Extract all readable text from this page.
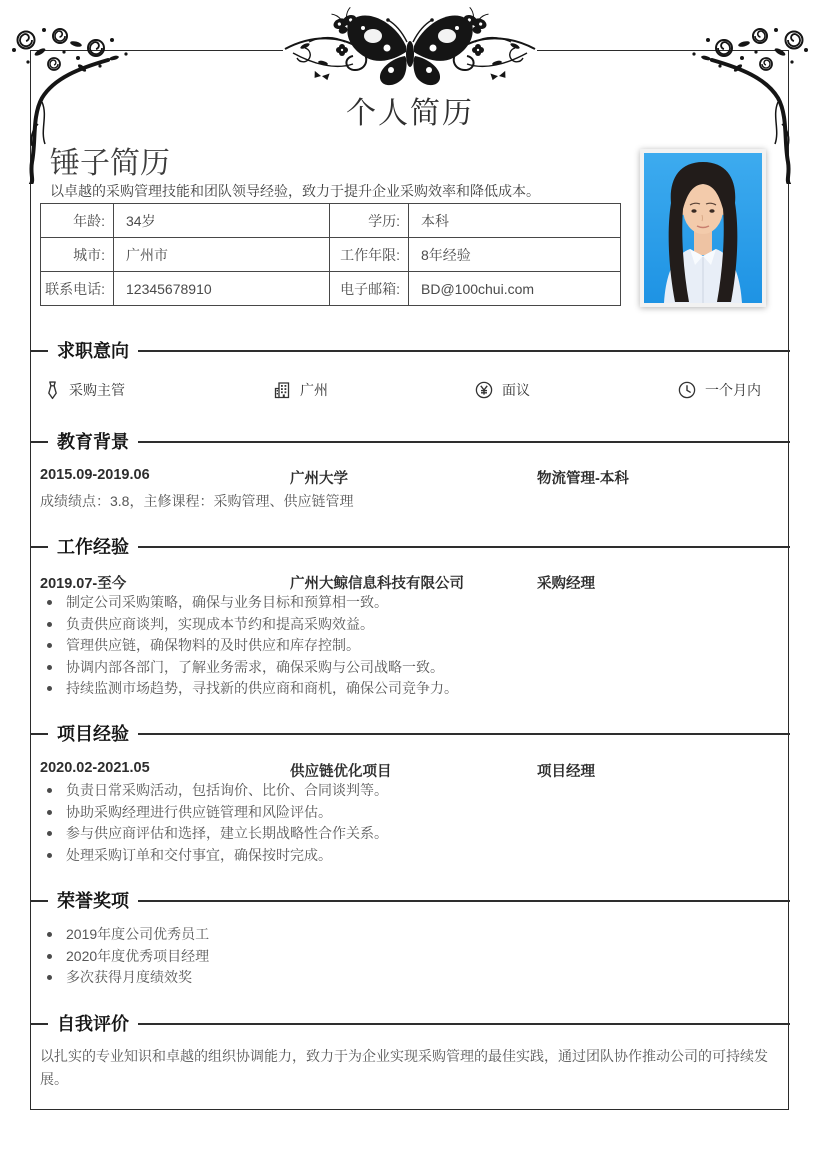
个人简历
锤子简历
以卓越的采购管理技能和团队领导经验，致力于提升企业采购效率和降低成本。
年龄:	34岁	学历:	本科
城市:	广州市	工作年限:	8年经验
联系电话:	12345678910	电子邮箱:	BD@100chui.com
求职意向
采购主管	广州	面议	一个月内
教育背景
2015.09-2019.06	广州大学	物流管理-本科
成绩绩点：3.8，主修课程：采购管理、供应链管理
工作经验
2019.07-至今	广州大鲸信息科技有限公司	采购经理
制定公司采购策略，确保与业务目标和预算相一致。
负责供应商谈判，实现成本节约和提高采购效益。
管理供应链，确保物料的及时供应和库存控制。
协调内部各部门，了解业务需求，确保采购与公司战略一致。
持续监测市场趋势，寻找新的供应商和商机，确保公司竞争力。
项目经验
2020.02-2021.05	供应链优化项目	项目经理
负责日常采购活动，包括询价、比价、合同谈判等。
协助采购经理进行供应链管理和风险评估。
参与供应商评估和选择，建立长期战略性合作关系。
处理采购订单和交付事宜，确保按时完成。
荣誉奖项
2019年度公司优秀员工
2020年度优秀项目经理
多次获得月度绩效奖
自我评价
以扎实的专业知识和卓越的组织协调能力，致力于为企业实现采购管理的最佳实践，通过团队协作推动公司的可持续发展。
